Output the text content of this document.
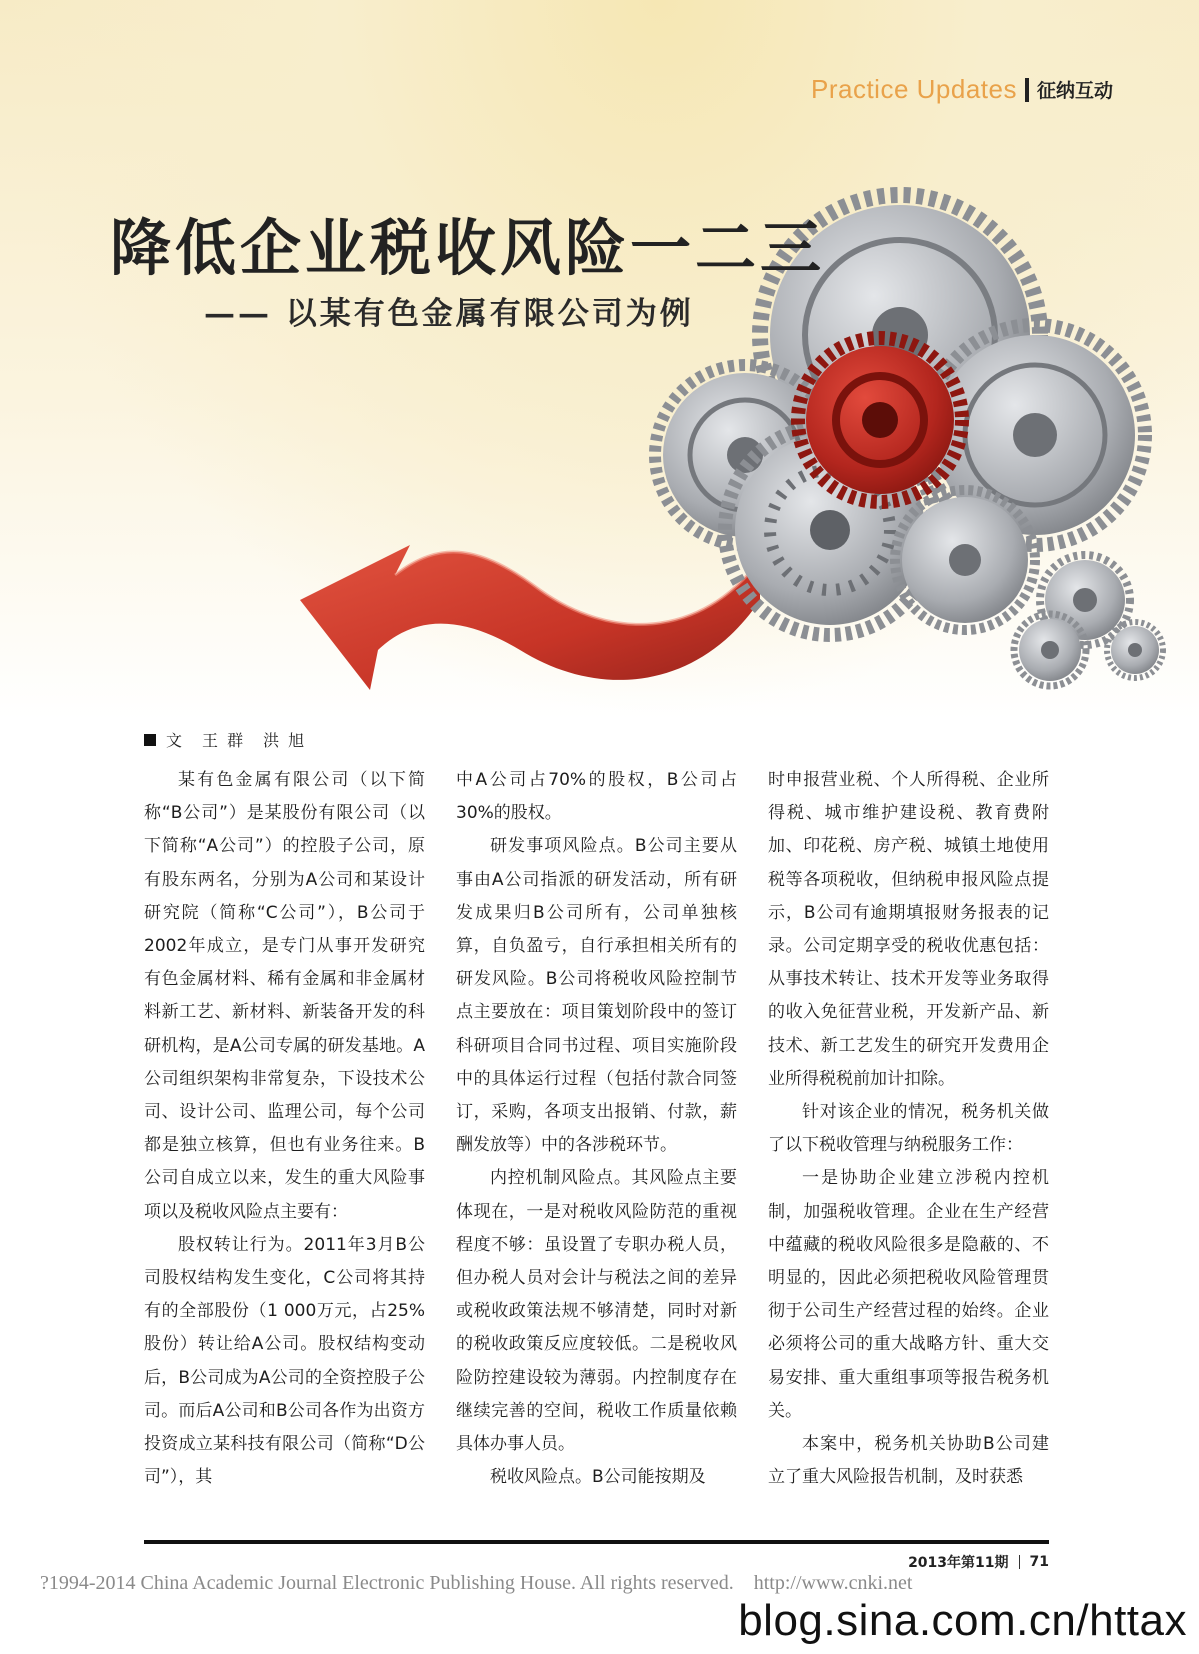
Practice Updates 征纳互动
降低企业税收风险一二三
—— 以某有色金属有限公司为例
文　王 群　洪 旭

某有色金属有限公司（以下简称“B公司”）是某股份有限公司（以下简称“A公司”）的控股子公司，原有股东两名，分别为A公司和某设计研究院（简称“C公司”），B公司于2002年成立，是专门从事开发研究有色金属材料、稀有金属和非金属材料新工艺、新材料、新装备开发的科研机构，是A公司专属的研发基地。A公司组织架构非常复杂，下设技术公司、设计公司、监理公司，每个公司都是独立核算，但也有业务往来。B公司自成立以来，发生的重大风险事项以及税收风险点主要有：

股权转让行为。2011年3月B公司股权结构发生变化，C公司将其持有的全部股份（1 000万元，占25%股份）转让给A公司。股权结构变动后，B公司成为A公司的全资控股子公司。而后A公司和B公司各作为出资方投资成立某科技有限公司（简称“D公司”），其

中A公司占70%的股权，B公司占30%的股权。

研发事项风险点。B公司主要从事由A公司指派的研发活动，所有研发成果归B公司所有，公司单独核算，自负盈亏，自行承担相关所有的研发风险。B公司将税收风险控制节点主要放在：项目策划阶段中的签订科研项目合同书过程、项目实施阶段中的具体运行过程（包括付款合同签订，采购，各项支出报销、付款，薪酬发放等）中的各涉税环节。

内控机制风险点。其风险点主要体现在，一是对税收风险防范的重视程度不够：虽设置了专职办税人员，但办税人员对会计与税法之间的差异或税收政策法规不够清楚，同时对新的税收政策反应度较低。二是税收风险防控建设较为薄弱。内控制度存在继续完善的空间，税收工作质量依赖具体办事人员。

税收风险点。B公司能按期及

时申报营业税、个人所得税、企业所得税、城市维护建设税、教育费附加、印花税、房产税、城镇土地使用税等各项税收，但纳税申报风险点提示，B公司有逾期填报财务报表的记录。公司定期享受的税收优惠包括：从事技术转让、技术开发等业务取得的收入免征营业税，开发新产品、新技术、新工艺发生的研究开发费用企业所得税税前加计扣除。

针对该企业的情况，税务机关做了以下税收管理与纳税服务工作：

一是协助企业建立涉税内控机制，加强税收管理。企业在生产经营中蕴藏的税收风险很多是隐蔽的、不明显的，因此必须把税收风险管理贯彻于公司生产经营过程的始终。企业必须将公司的重大战略方针、重大交易安排、重大重组事项等报告税务机关。

本案中，税务机关协助B公司建立了重大风险报告机制，及时获悉

2013年第11期 71
?1994-2014 China Academic Journal Electronic Publishing House. All rights reserved.　http://www.cnki.net
blog.sina.com.cn/httax
